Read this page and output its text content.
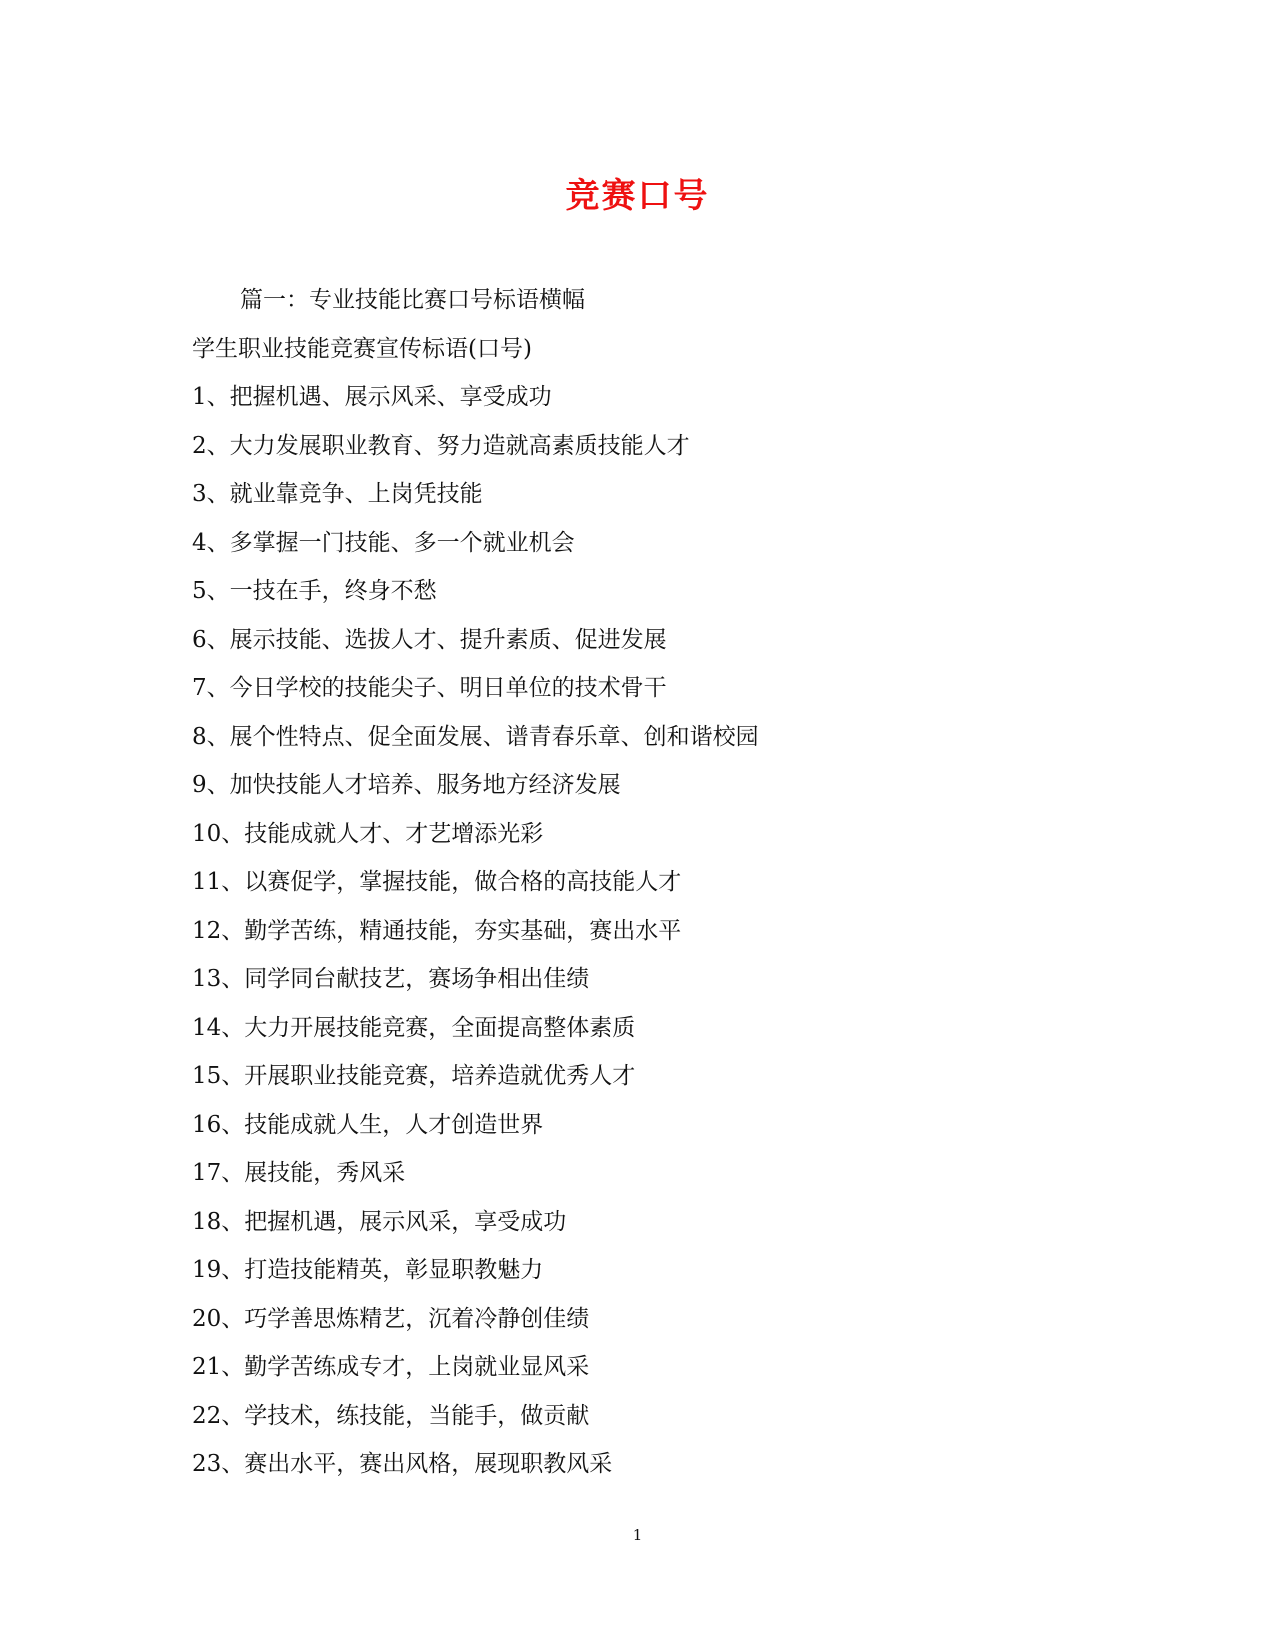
竞赛口号
篇一：专业技能比赛口号标语横幅
学生职业技能竞赛宣传标语(口号)
1、把握机遇、展示风采、享受成功
2、大力发展职业教育、努力造就高素质技能人才
3、就业靠竞争、上岗凭技能
4、多掌握一门技能、多一个就业机会
5、一技在手，终身不愁
6、展示技能、选拔人才、提升素质、促进发展
7、今日学校的技能尖子、明日单位的技术骨干
8、展个性特点、促全面发展、谱青春乐章、创和谐校园
9、加快技能人才培养、服务地方经济发展
10、技能成就人才、才艺增添光彩
11、以赛促学，掌握技能，做合格的高技能人才
12、勤学苦练，精通技能，夯实基础，赛出水平
13、同学同台献技艺，赛场争相出佳绩
14、大力开展技能竞赛，全面提高整体素质
15、开展职业技能竞赛，培养造就优秀人才
16、技能成就人生，人才创造世界
17、展技能，秀风采
18、把握机遇，展示风采，享受成功
19、打造技能精英，彰显职教魅力
20、巧学善思炼精艺，沉着冷静创佳绩
21、勤学苦练成专才，上岗就业显风采
22、学技术，练技能，当能手，做贡献
23、赛出水平，赛出风格，展现职教风采
1
